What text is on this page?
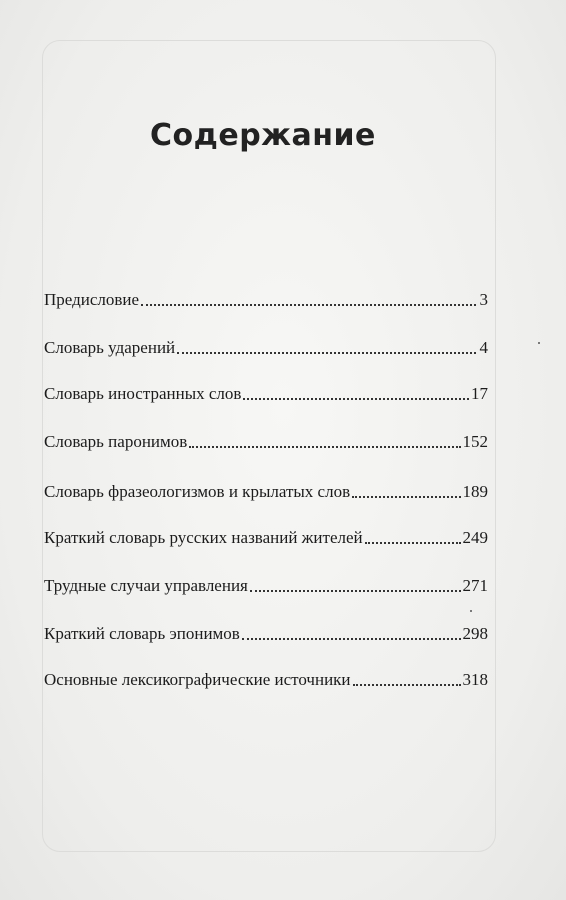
Содержание
Предисловие	3
Словарь ударений	4
Словарь иностранных слов	17
Словарь паронимов	152
Словарь фразеологизмов и крылатых слов	189
Краткий словарь русских названий жителей	249
Трудные случаи управления	271
Краткий словарь эпонимов	298
Основные лексикографические источники	318
